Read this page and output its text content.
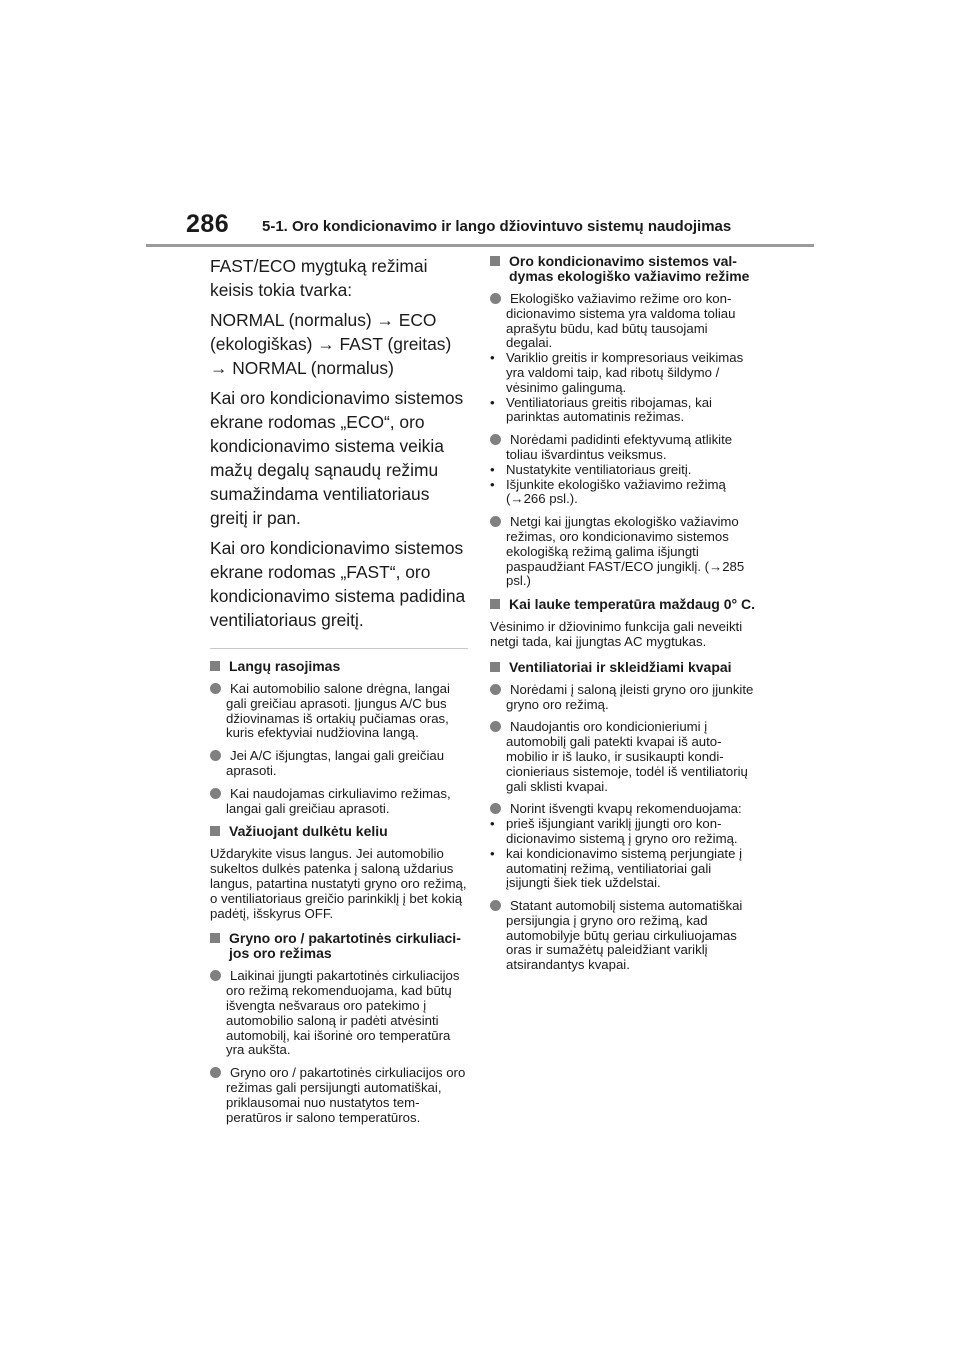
286 5-1. Oro kondicionavimo ir lango džiovintuvo sistemų naudojimas

FAST/ECO mygtuką režimai keisis tokia tvarka:

NORMAL (normalus) → ECO (ekologiškas) → FAST (greitas) → NORMAL (normalus)

Kai oro kondicionavimo sistemos ekrane rodomas „ECO“, oro kondicionavimo sistema veikia mažų degalų sąnaudų režimu sumažindama ventiliatoriaus greitį ir pan.

Kai oro kondicionavimo sistemos ekrane rodomas „FAST“, oro kondicionavimo sistema padidina ventiliatoriaus greitį.

Langų rasojimas
Kai automobilio salone drėgna, langai gali greičiau aprasoti. Įjungus A/C bus džiovinamas iš ortakių pučiamas oras, kuris efektyviai nudžiovina langą.
Jei A/C išjungtas, langai gali greičiau aprasoti.
Kai naudojamas cirkuliavimo režimas, langai gali greičiau aprasoti.
Važiuojant dulkėtu keliu
Uždarykite visus langus. Jei automobilio sukeltos dulkės patenka į saloną uždarius langus, patartina nustatyti gryno oro režimą, o ventiliatoriaus greičio parinkiklį į bet kokią padėtį, išskyrus OFF.
Gryno oro / pakartotinės cirkuliacijos oro režimas
Laikinai įjungti pakartotinės cirkuliacijos oro režimą rekomenduojama, kad būtų išvengta nešvaraus oro patekimo į automobilio saloną ir padėti atvėsinti automobilį, kai išorinė oro temperatūra yra aukšta.
Gryno oro / pakartotinės cirkuliacijos oro režimas gali persijungti automatiškai, priklausomai nuo nustatytos temperatūros ir salono temperatūros.
Oro kondicionavimo sistemos valdymas ekologiško važiavimo režime
Ekologiško važiavimo režime oro kondicionavimo sistema yra valdoma toliau aprašytu būdu, kad būtų tausojami degalai.
• Variklio greitis ir kompresoriaus veikimas yra valdomi taip, kad ribotų šildymo / vėsinimo galingumą.
• Ventiliatoriaus greitis ribojamas, kai parinktas automatinis režimas.
Norėdami padidinti efektyvumą atlikite toliau išvardintus veiksmus.
• Nustatykite ventiliatoriaus greitį.
• Išjunkite ekologiško važiavimo režimą (→266 psl.).
Netgi kai įjungtas ekologiško važiavimo režimas, oro kondicionavimo sistemos ekologišką režimą galima išjungti paspaudžiant FAST/ECO jungiklį. (→285 psl.)
Kai lauke temperatūra maždaug 0° C.
Vėsinimo ir džiovinimo funkcija gali neveikti netgi tada, kai įjungtas AC mygtukas.
Ventiliatoriai ir skleidžiami kvapai
Norėdami į saloną įleisti gryno oro įjunkite gryno oro režimą.
Naudojantis oro kondicionieriumi į automobilį gali patekti kvapai iš automobilio ir iš lauko, ir susikaupti kondicionieriaus sistemoje, todėl iš ventiliatorių gali sklisti kvapai.
Norint išvengti kvapų rekomenduojama:
• prieš išjungiant variklį įjungti oro kondicionavimo sistemą į gryno oro režimą.
• kai kondicionavimo sistemą perjungiate į automatinį režimą, ventiliatoriai gali įsijungti šiek tiek uždelstai.
Statant automobilį sistema automatiškai persijungia į gryno oro režimą, kad automobilyje būtų geriau cirkuliuojamas oras ir sumažėtų paleidžiant variklį atsirandantys kvapai.
